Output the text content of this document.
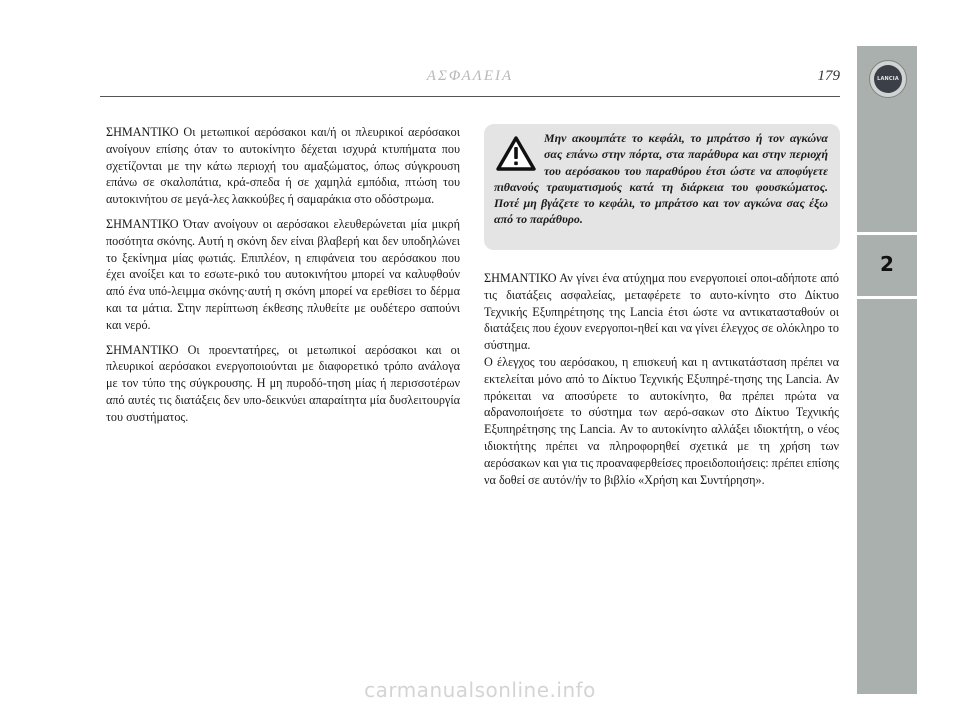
ΑΣΦΑΛΕΙΑ	179	LANCIA
2

ΣΗΜΑΝΤΙΚΟ Οι μετωπικοί αερόσακοι και/ή οι πλευρικοί αερόσακοι ανοίγουν επίσης όταν το αυτοκίνητο δέχεται ισχυρά κτυπήματα που σχετίζονται με την κάτω περιοχή του αμαξώματος, όπως σύγκρουση επάνω σε σκαλοπάτια, κρά-σπεδα ή σε χαμηλά εμπόδια, πτώση του αυτοκινήτου σε μεγά-λες λακκούβες ή σαμαράκια στο οδόστρωμα.

ΣΗΜΑΝΤΙΚΟ Όταν ανοίγουν οι αερόσακοι ελευθερώνεται μία μικρή ποσότητα σκόνης. Αυτή η σκόνη δεν είναι βλαβερή και δεν υποδηλώνει το ξεκίνημα μίας φωτιάς. Επιπλέον, η επιφάνεια του αερόσακου που έχει ανοίξει και το εσωτε-ρικό του αυτοκινήτου μπορεί να καλυφθούν από ένα υπό-λειμμα σκόνης·αυτή η σκόνη μπορεί να ερεθίσει το δέρμα και τα μάτια. Στην περίπτωση έκθεσης πλυθείτε με ουδέτερο σαπούνι και νερό.

ΣΗΜΑΝΤΙΚΟ Οι προεντατήρες, οι μετωπικοί αερόσακοι και οι πλευρικοί αερόσακοι ενεργοποιούνται με διαφορετικό τρόπο ανάλογα με τον τύπο της σύγκρουσης. Η μη πυροδό-τηση μίας ή περισσοτέρων από αυτές τις διατάξεις δεν υπο-δεικνύει απαραίτητα μία δυσλειτουργία του συστήματος.

Μην ακουμπάτε το κεφάλι, το μπράτσο ή τον αγκώνα σας επάνω στην πόρτα, στα παράθυρα και στην περιοχή του αερόσακου του παραθύρου έτσι ώστε να αποφύγετε πιθανούς τραυματισμούς κατά τη διάρκεια του φουσκώματος. Ποτέ μη βγάζετε το κεφάλι, το μπράτσο και τον αγκώνα σας έξω από το παράθυρο.

ΣΗΜΑΝΤΙΚΟ Αν γίνει ένα ατύχημα που ενεργοποιεί οποι-αδήποτε από τις διατάξεις ασφαλείας, μεταφέρετε το αυτο-κίνητο στο Δίκτυο Τεχνικής Εξυπηρέτησης της Lancia έτσι ώστε να αντικατασταθούν οι διατάξεις που έχουν ενεργοποι-ηθεί και να γίνει έλεγχος σε ολόκληρο το σύστημα.

Ο έλεγχος του αερόσακου, η επισκευή και η αντικατάσταση πρέπει να εκτελείται μόνο από το Δίκτυο Τεχνικής Εξυπηρέ-τησης της Lancia. Αν πρόκειται να αποσύρετε το αυτοκίνητο, θα πρέπει πρώτα να αδρανοποιήσετε το σύστημα των αερό-σακων στο Δίκτυο Τεχνικής Εξυπηρέτησης της Lancia. Αν το αυτοκίνητο αλλάξει ιδιοκτήτη, ο νέος ιδιοκτήτης πρέπει να πληροφορηθεί σχετικά με τη χρήση των αερόσακων και για τις προαναφερθείσες προειδοποιήσεις: πρέπει επίσης να δοθεί σε αυτόν/ήν το βιβλίο «Χρήση και Συντήρηση».

carmanualsonline.info
